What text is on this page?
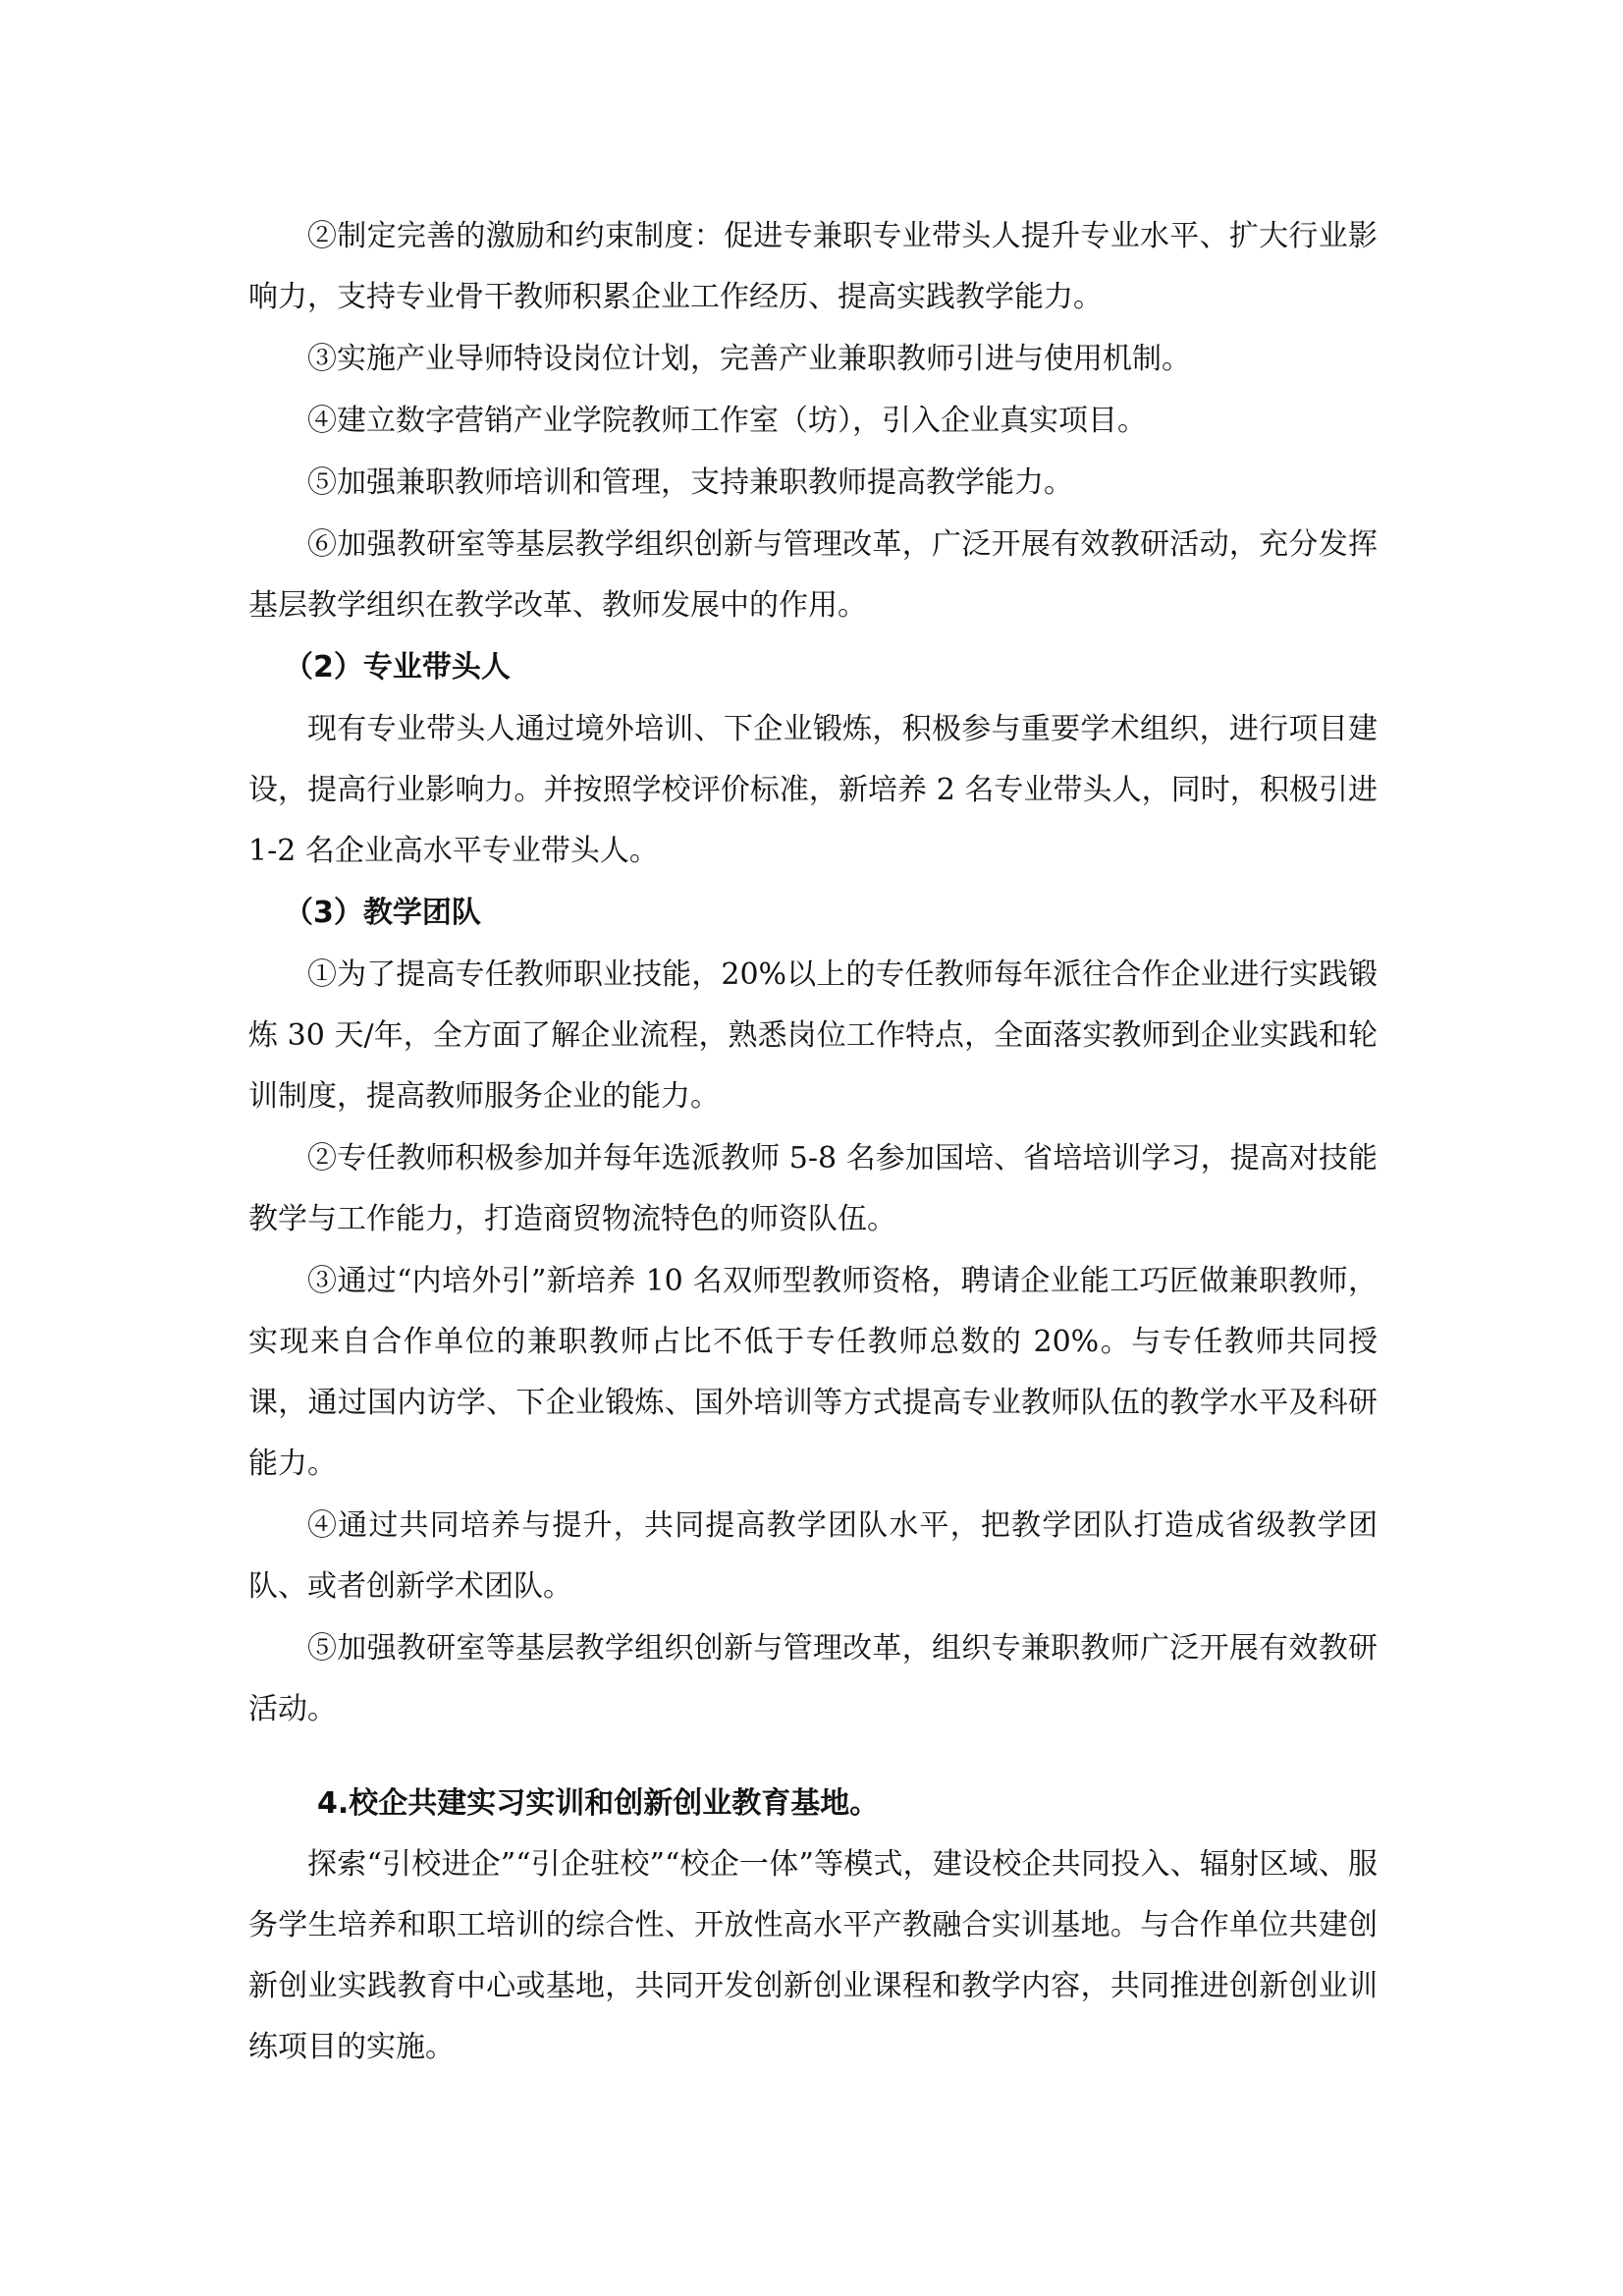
②制定完善的激励和约束制度：促进专兼职专业带头人提升专业水平、扩大行业影响力，支持专业骨干教师积累企业工作经历、提高实践教学能力。

③实施产业导师特设岗位计划，完善产业兼职教师引进与使用机制。

④建立数字营销产业学院教师工作室（坊），引入企业真实项目。

⑤加强兼职教师培训和管理，支持兼职教师提高教学能力。

⑥加强教研室等基层教学组织创新与管理改革，广泛开展有效教研活动，充分发挥基层教学组织在教学改革、教师发展中的作用。

（2）专业带头人

现有专业带头人通过境外培训、下企业锻炼，积极参与重要学术组织，进行项目建设，提高行业影响力。并按照学校评价标准，新培养 2 名专业带头人，同时，积极引进 1-2 名企业高水平专业带头人。

（3）教学团队

①为了提高专任教师职业技能，20%以上的专任教师每年派往合作企业进行实践锻炼 30 天/年，全方面了解企业流程，熟悉岗位工作特点，全面落实教师到企业实践和轮训制度，提高教师服务企业的能力。

②专任教师积极参加并每年选派教师 5-8 名参加国培、省培培训学习，提高对技能教学与工作能力，打造商贸物流特色的师资队伍。

③通过“内培外引”新培养 10 名双师型教师资格，聘请企业能工巧匠做兼职教师，实现来自合作单位的兼职教师占比不低于专任教师总数的 20%。与专任教师共同授课，通过国内访学、下企业锻炼、国外培训等方式提高专业教师队伍的教学水平及科研能力。

④通过共同培养与提升，共同提高教学团队水平，把教学团队打造成省级教学团队、或者创新学术团队。

⑤加强教研室等基层教学组织创新与管理改革，组织专兼职教师广泛开展有效教研活动。

4.校企共建实习实训和创新创业教育基地。

探索“引校进企”“引企驻校”“校企一体”等模式，建设校企共同投入、辐射区域、服务学生培养和职工培训的综合性、开放性高水平产教融合实训基地。与合作单位共建创新创业实践教育中心或基地，共同开发创新创业课程和教学内容，共同推进创新创业训练项目的实施。
